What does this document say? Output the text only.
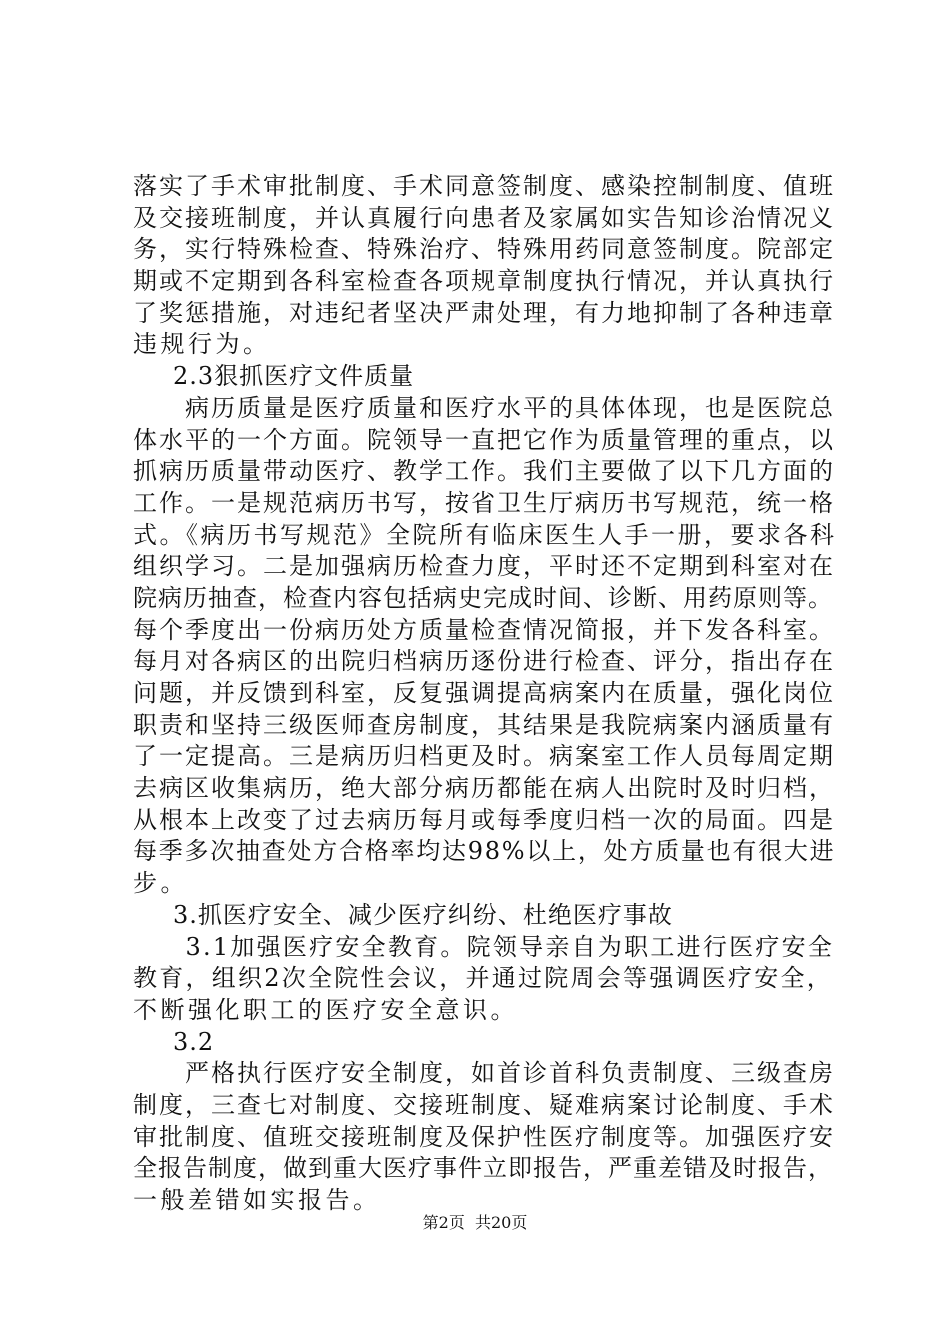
落实了手术审批制度、手术同意签制度、感染控制制度、值班
及交接班制度，并认真履行向患者及家属如实告知诊治情况义
务，实行特殊检查、特殊治疗、特殊用药同意签制度。院部定
期或不定期到各科室检查各项规章制度执行情况，并认真执行
了奖惩措施，对违纪者坚决严肃处理，有力地抑制了各种违章
违规行为。
2.3狠抓医疗文件质量
　　病历质量是医疗质量和医疗水平的具体体现，也是医院总
体水平的一个方面。院领导一直把它作为质量管理的重点，以
抓病历质量带动医疗、教学工作。我们主要做了以下几方面的
工作。一是规范病历书写，按省卫生厅病历书写规范，统一格
式。《病历书写规范》全院所有临床医生人手一册，要求各科
组织学习。二是加强病历检查力度，平时还不定期到科室对在
院病历抽查，检查内容包括病史完成时间、诊断、用药原则等。
每个季度出一份病历处方质量检查情况简报，并下发各科室。
每月对各病区的出院归档病历逐份进行检查、评分，指出存在
问题，并反馈到科室，反复强调提高病案内在质量，强化岗位
职责和坚持三级医师查房制度，其结果是我院病案内涵质量有
了一定提高。三是病历归档更及时。病案室工作人员每周定期
去病区收集病历，绝大部分病历都能在病人出院时及时归档，
从根本上改变了过去病历每月或每季度归档一次的局面。四是
每季多次抽查处方合格率均达98%以上，处方质量也有很大进
步。
3.抓医疗安全、减少医疗纠纷、杜绝医疗事故
　　3.1加强医疗安全教育。院领导亲自为职工进行医疗安全
教育，组织2次全院性会议，并通过院周会等强调医疗安全，
不断强化职工的医疗安全意识。
3.2
　　严格执行医疗安全制度，如首诊首科负责制度、三级查房
制度，三查七对制度、交接班制度、疑难病案讨论制度、手术
审批制度、值班交接班制度及保护性医疗制度等。加强医疗安
全报告制度，做到重大医疗事件立即报告，严重差错及时报告，
一般差错如实报告。
第2页  共20页
